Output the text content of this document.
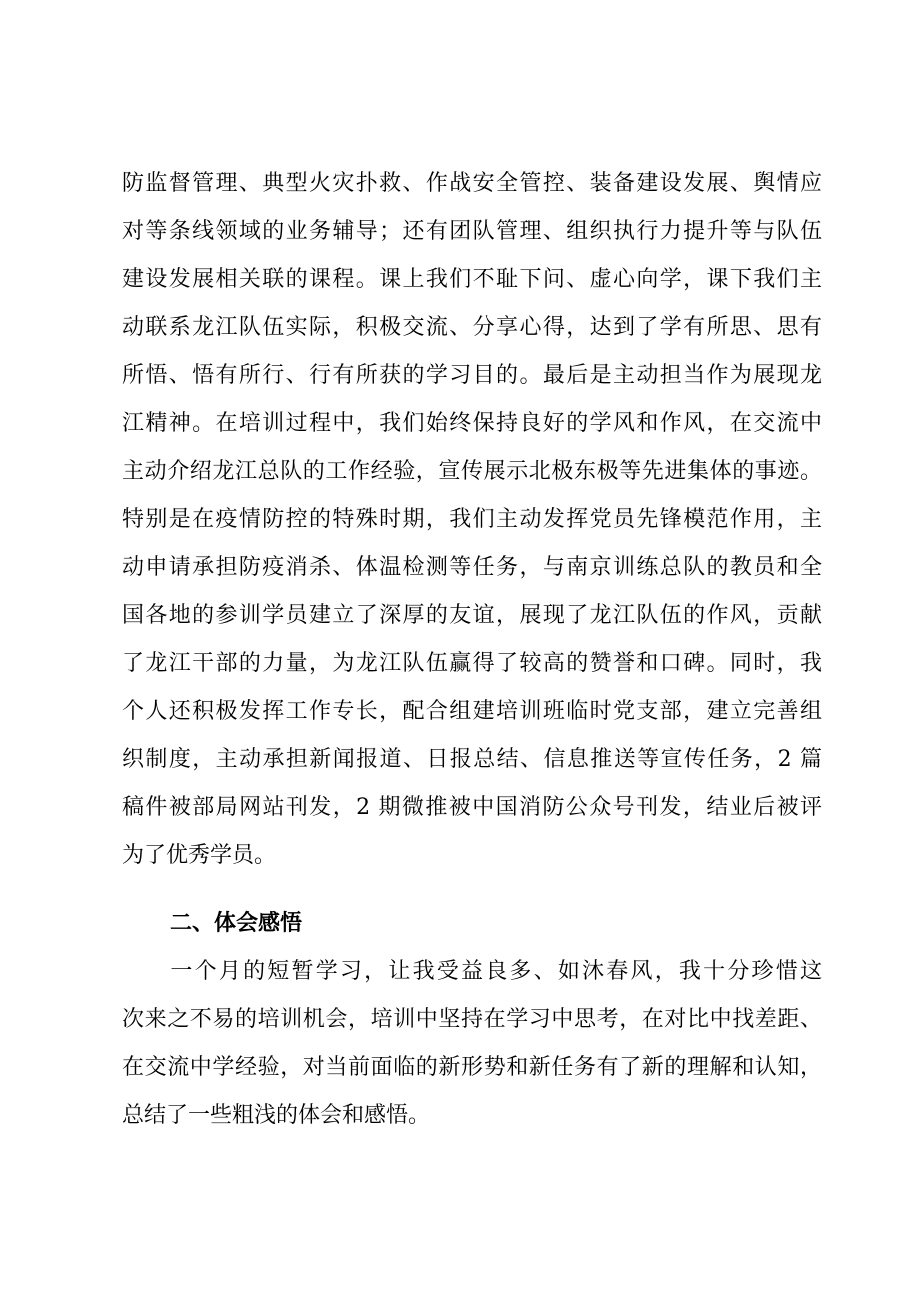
防监督管理、典型火灾扑救、作战安全管控、装备建设发展、舆情应
对等条线领域的业务辅导；还有团队管理、组织执行力提升等与队伍
建设发展相关联的课程。课上我们不耻下问、虚心向学，课下我们主
动联系龙江队伍实际，积极交流、分享心得，达到了学有所思、思有
所悟、悟有所行、行有所获的学习目的。最后是主动担当作为展现龙
江精神。在培训过程中，我们始终保持良好的学风和作风，在交流中
主动介绍龙江总队的工作经验，宣传展示北极东极等先进集体的事迹。
特别是在疫情防控的特殊时期，我们主动发挥党员先锋模范作用，主
动申请承担防疫消杀、体温检测等任务，与南京训练总队的教员和全
国各地的参训学员建立了深厚的友谊，展现了龙江队伍的作风，贡献
了龙江干部的力量，为龙江队伍赢得了较高的赞誉和口碑。同时，我
个人还积极发挥工作专长，配合组建培训班临时党支部，建立完善组
织制度，主动承担新闻报道、日报总结、信息推送等宣传任务，2 篇
稿件被部局网站刊发，2 期微推被中国消防公众号刊发，结业后被评
为了优秀学员。
二、体会感悟
　　一个月的短暂学习，让我受益良多、如沐春风，我十分珍惜这
次来之不易的培训机会，培训中坚持在学习中思考，在对比中找差距、
在交流中学经验，对当前面临的新形势和新任务有了新的理解和认知，
总结了一些粗浅的体会和感悟。
